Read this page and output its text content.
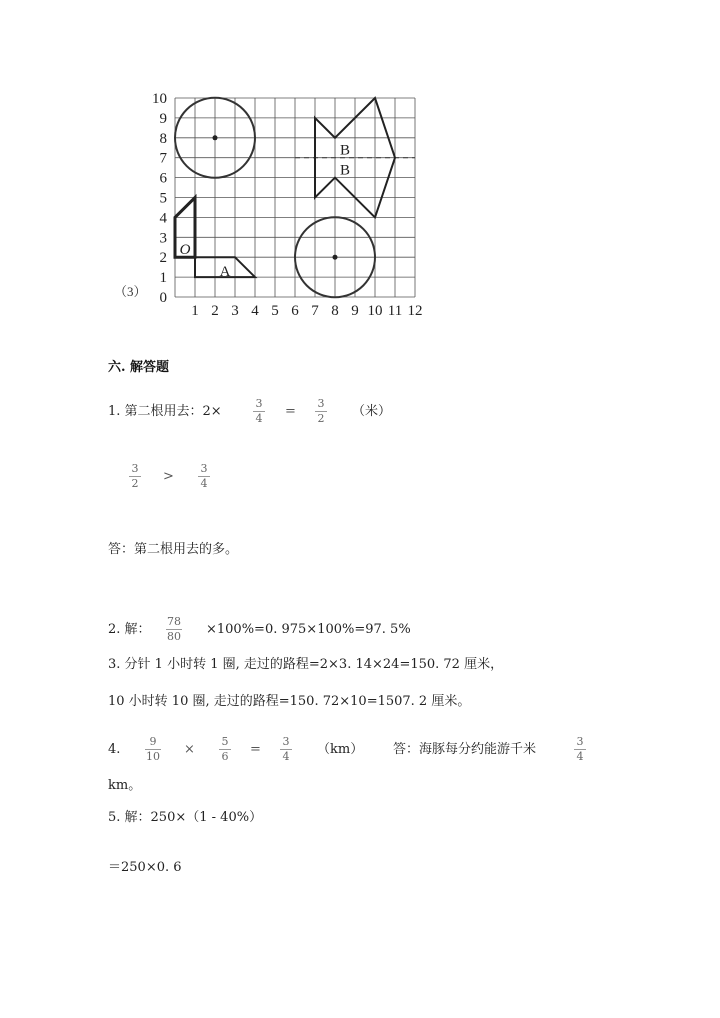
1 2 3 4 5 6 7 8 9 10 11 12
0
1
2
3
4
5
6
7
8
9
10
（3）
O
A
B
B
六. 解答题
1. 第二根用去：2×
3
4 =
3
2 （米）
3
2 >
3
4
答：第二根用去的多。
2. 解：
78
80 ×100%=0. 975×100%=97. 5%
3. 分针 1 小时转 1 圈, 走过的路程=2×3. 14×24=150. 72 厘米，
10 小时转 10 圈, 走过的路程=150. 72×10=1507. 2 厘米。
4.
9
10 ×
5
6 =
3
4 （km） 答：海豚每分约能游千米
3
4
km。
5. 解：250×（1 - 40%）
＝250×0. 6
